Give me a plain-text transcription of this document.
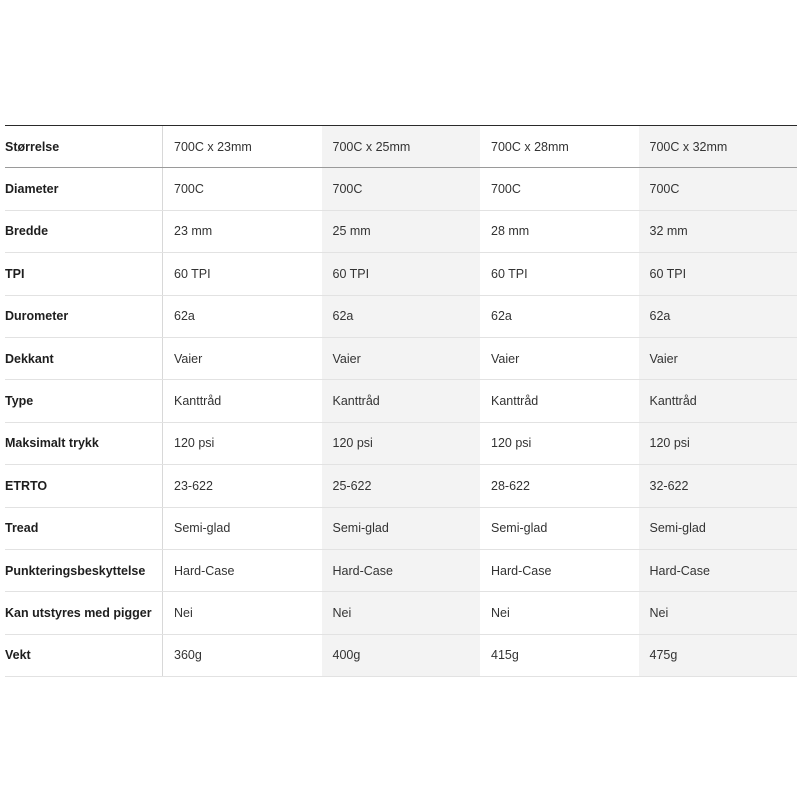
Størrelse	700C x 23mm	700C x 25mm	700C x 28mm	700C x 32mm
Diameter	700C	700C	700C	700C
Bredde	23 mm	25 mm	28 mm	32 mm
TPI	60 TPI	60 TPI	60 TPI	60 TPI
Durometer	62a	62a	62a	62a
Dekkant	Vaier	Vaier	Vaier	Vaier
Type	Kanttråd	Kanttråd	Kanttråd	Kanttråd
Maksimalt trykk	120 psi	120 psi	120 psi	120 psi
ETRTO	23-622	25-622	28-622	32-622
Tread	Semi-glad	Semi-glad	Semi-glad	Semi-glad
Punkteringsbeskyttelse	Hard-Case	Hard-Case	Hard-Case	Hard-Case
Kan utstyres med pigger	Nei	Nei	Nei	Nei
Vekt	360g	400g	415g	475g
